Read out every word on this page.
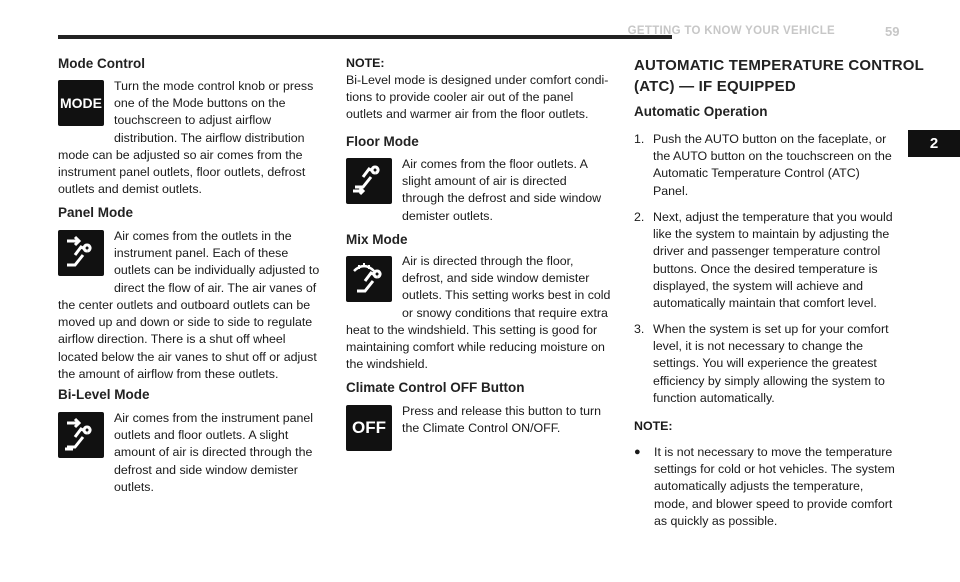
GETTING TO KNOW YOUR VEHICLE	59
2
Mode Control
MODE
Turn the mode control knob or press
one of the Mode buttons on the
touchscreen to adjust airflow
distribution. The airflow distribution
mode can be adjusted so air comes from the
instrument panel outlets, floor outlets, defrost
outlets and demist outlets.
Panel Mode
Air comes from the outlets in the
instrument panel. Each of these
outlets can be individually adjusted to
direct the flow of air. The air vanes of
the center outlets and outboard outlets can be
moved up and down or side to side to regulate
airflow direction. There is a shut off wheel
located below the air vanes to shut off or adjust
the amount of airflow from these outlets.
Bi-Level Mode
Air comes from the instrument panel
outlets and floor outlets. A slight
amount of air is directed through the
defrost and side window demister
outlets.
NOTE:
Bi-Level mode is designed under comfort condi-
tions to provide cooler air out of the panel
outlets and warmer air from the floor outlets.
Floor Mode
Air comes from the floor outlets. A
slight amount of air is directed
through the defrost and side window
demister outlets.
Mix Mode
Air is directed through the floor,
defrost, and side window demister
outlets. This setting works best in cold
or snowy conditions that require extra
heat to the windshield. This setting is good for
maintaining comfort while reducing moisture on
the windshield.
Climate Control OFF Button
OFF
Press and release this button to turn
the Climate Control ON/OFF.
AUTOMATIC TEMPERATURE CONTROL
(ATC) — IF EQUIPPED
Automatic Operation
1. Push the AUTO button on the faceplate, or
the AUTO button on the touchscreen on the
Automatic Temperature Control (ATC)
Panel.
2. Next, adjust the temperature that you would
like the system to maintain by adjusting the
driver and passenger temperature control
buttons. Once the desired temperature is
displayed, the system will achieve and
automatically maintain that comfort level.
3. When the system is set up for your comfort
level, it is not necessary to change the
settings. You will experience the greatest
efficiency by simply allowing the system to
function automatically.
NOTE:
● It is not necessary to move the temperature
settings for cold or hot vehicles. The system
automatically adjusts the temperature,
mode, and blower speed to provide comfort
as quickly as possible.
